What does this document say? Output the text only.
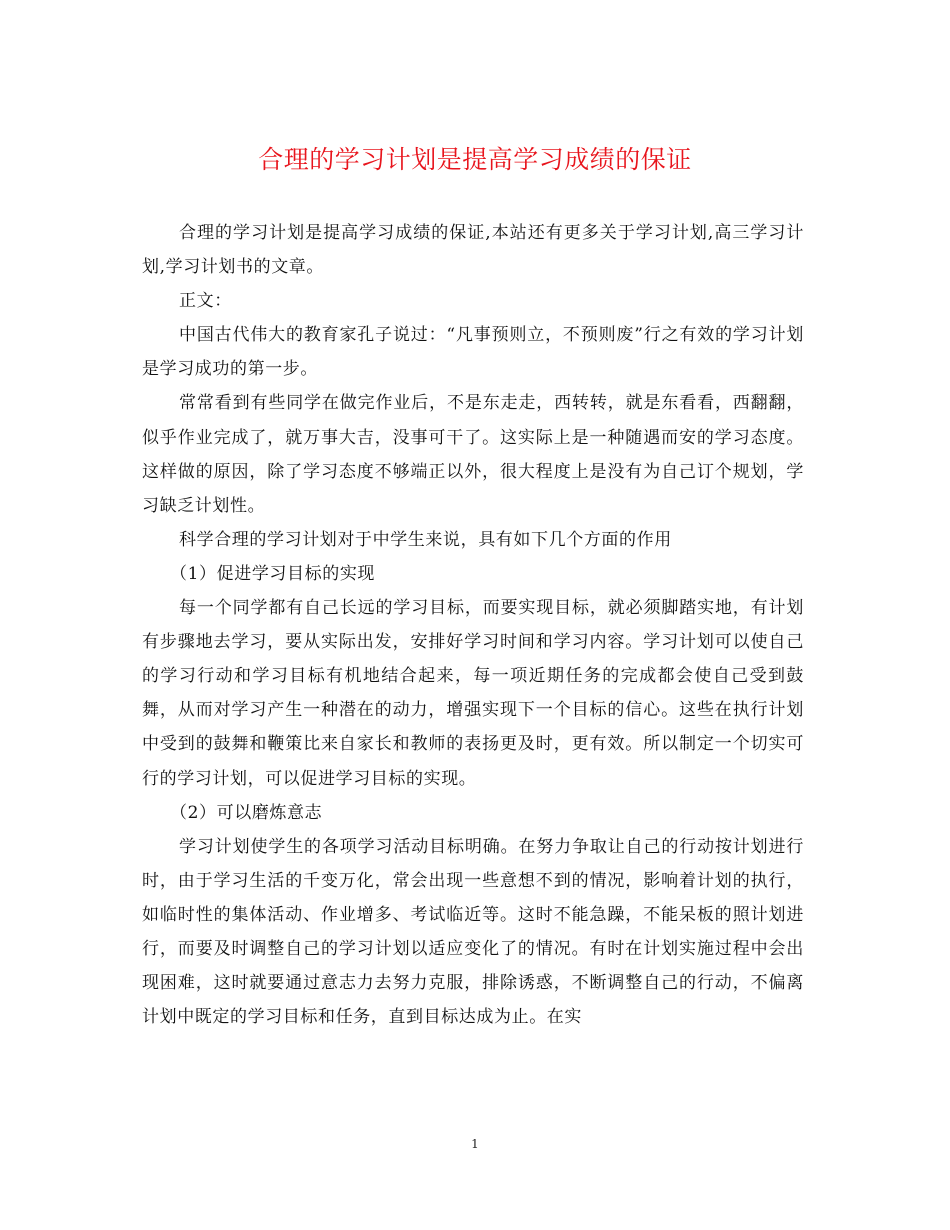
合理的学习计划是提高学习成绩的保证

合理的学习计划是提高学习成绩的保证,本站还有更多关于学习计划,高三学习计划,学习计划书的文章。

正文：

中国古代伟大的教育家孔子说过：“凡事预则立，不预则废”行之有效的学习计划是学习成功的第一步。

常常看到有些同学在做完作业后，不是东走走，西转转，就是东看看，西翻翻，似乎作业完成了，就万事大吉，没事可干了。这实际上是一种随遇而安的学习态度。这样做的原因，除了学习态度不够端正以外，很大程度上是没有为自己订个规划，学习缺乏计划性。

科学合理的学习计划对于中学生来说，具有如下几个方面的作用

（1）促进学习目标的实现

每一个同学都有自己长远的学习目标，而要实现目标，就必须脚踏实地，有计划有步骤地去学习，要从实际出发，安排好学习时间和学习内容。学习计划可以使自己的学习行动和学习目标有机地结合起来，每一项近期任务的完成都会使自己受到鼓舞，从而对学习产生一种潜在的动力，增强实现下一个目标的信心。这些在执行计划中受到的鼓舞和鞭策比来自家长和教师的表扬更及时，更有效。所以制定一个切实可行的学习计划，可以促进学习目标的实现。

（2）可以磨炼意志

学习计划使学生的各项学习活动目标明确。在努力争取让自己的行动按计划进行时，由于学习生活的千变万化，常会出现一些意想不到的情况，影响着计划的执行，如临时性的集体活动、作业增多、考试临近等。这时不能急躁，不能呆板的照计划进行，而要及时调整自己的学习计划以适应变化了的情况。有时在计划实施过程中会出现困难，这时就要通过意志力去努力克服，排除诱惑，不断调整自己的行动，不偏离计划中既定的学习目标和任务，直到目标达成为止。在实

1
